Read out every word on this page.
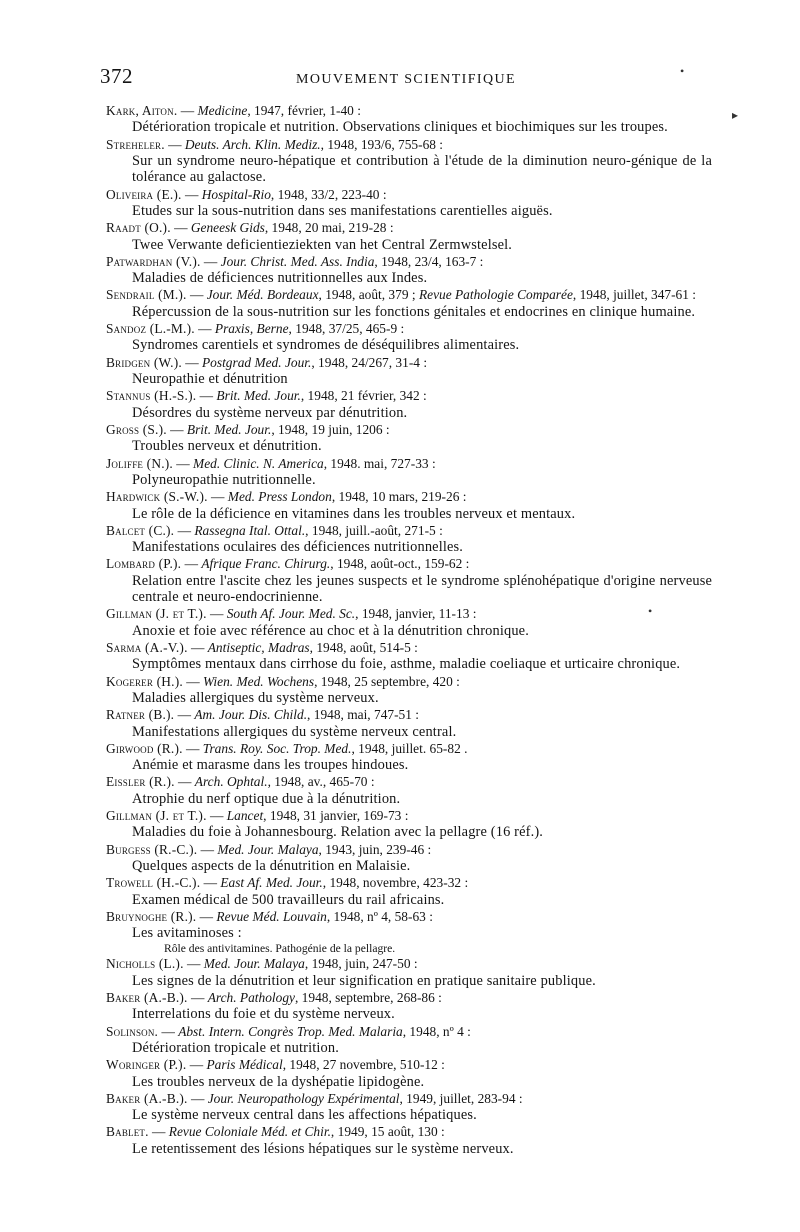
372	MOUVEMENT SCIENTIFIQUE
•
▸
Kark, Aiton. — Medicine, 1947, février, 1-40 :
Détérioration tropicale et nutrition. Observations cliniques et biochimiques sur les troupes.
Streheler. — Deuts. Arch. Klin. Mediz., 1948, 193/6, 755-68 :
Sur un syndrome neuro-hépatique et contribution à l'étude de la diminution neuro-génique de la tolérance au galactose.
Oliveira (E.). — Hospital-Rio, 1948, 33/2, 223-40 :
Etudes sur la sous-nutrition dans ses manifestations carentielles aiguës.
Raadt (O.). — Geneesk Gids, 1948, 20 mai, 219-28 :
Twee Verwante deficientieziekten van het Central Zermwstelsel.
Patwardhan (V.). — Jour. Christ. Med. Ass. India, 1948, 23/4, 163-7 :
Maladies de déficiences nutritionnelles aux Indes.
Sendrail (M.). — Jour. Méd. Bordeaux, 1948, août, 379 ; Revue Pathologie Comparée, 1948, juillet, 347-61 :
Répercussion de la sous-nutrition sur les fonctions génitales et endocrines en clinique humaine.
Sandoz (L.-M.). — Praxis, Berne, 1948, 37/25, 465-9 :
Syndromes carentiels et syndromes de déséquilibres alimentaires.
Bridgen (W.). — Postgrad Med. Jour., 1948, 24/267, 31-4 :
Neuropathie et dénutrition
Stannus (H.-S.). — Brit. Med. Jour., 1948, 21 février, 342 :
Désordres du système nerveux par dénutrition.
Gross (S.). — Brit. Med. Jour., 1948, 19 juin, 1206 :
Troubles nerveux et dénutrition.
Joliffe (N.). — Med. Clinic. N. America, 1948. mai, 727-33 :
Polyneuropathie nutritionnelle.
Hardwick (S.-W.). — Med. Press London, 1948, 10 mars, 219-26 :
Le rôle de la déficience en vitamines dans les troubles nerveux et mentaux.
Balcet (C.). — Rassegna Ital. Ottal., 1948, juill.-août, 271-5 :
Manifestations oculaires des déficiences nutritionnelles.
Lombard (P.). — Afrique Franc. Chirurg., 1948, août-oct., 159-62 :
Relation entre l'ascite chez les jeunes suspects et le syndrome splénohépatique d'origine nerveuse centrale et neuro-endocrinienne.
Gillman (J. et T.). — South Af. Jour. Med. Sc., 1948, janvier, 11-13 :
Anoxie et foie avec référence au choc et à la dénutrition chronique.
Sarma (A.-V.). — Antiseptic, Madras, 1948, août, 514-5 :
Symptômes mentaux dans cirrhose du foie, asthme, maladie coeliaque et urticaire chronique.
Kogerer (H.). — Wien. Med. Wochens, 1948, 25 septembre, 420 :
Maladies allergiques du système nerveux.
Ratner (B.). — Am. Jour. Dis. Child., 1948, mai, 747-51 :
Manifestations allergiques du système nerveux central.
Girwood (R.). — Trans. Roy. Soc. Trop. Med., 1948, juillet. 65-82 .
Anémie et marasme dans les troupes hindoues.
Eissler (R.). — Arch. Ophtal., 1948, av., 465-70 :
Atrophie du nerf optique due à la dénutrition.
Gillman (J. et T.). — Lancet, 1948, 31 janvier, 169-73 :
Maladies du foie à Johannesbourg. Relation avec la pellagre (16 réf.).
Burgess (R.-C.). — Med. Jour. Malaya, 1943, juin, 239-46 :
Quelques aspects de la dénutrition en Malaisie.
Trowell (H.-C.). — East Af. Med. Jour., 1948, novembre, 423-32 :
Examen médical de 500 travailleurs du rail africains.
Bruynoghe (R.). — Revue Méd. Louvain, 1948, nº 4, 58-63 :
Les avitaminoses :
Rôle des antivitamines. Pathogénie de la pellagre.
Nicholls (L.). — Med. Jour. Malaya, 1948, juin, 247-50 :
Les signes de la dénutrition et leur signification en pratique sanitaire publique.
Baker (A.-B.). — Arch. Pathology, 1948, septembre, 268-86 :
Interrelations du foie et du système nerveux.
Solinson. — Abst. Intern. Congrès Trop. Med. Malaria, 1948, nº 4 :
Détérioration tropicale et nutrition.
Woringer (P.). — Paris Médical, 1948, 27 novembre, 510-12 :
Les troubles nerveux de la dyshépatie lipidogène.
Baker (A.-B.). — Jour. Neuropathology Expérimental, 1949, juillet, 283-94 :
Le système nerveux central dans les affections hépatiques.
Bablet. — Revue Coloniale Méd. et Chir., 1949, 15 août, 130 :
Le retentissement des lésions hépatiques sur le système nerveux.
•
